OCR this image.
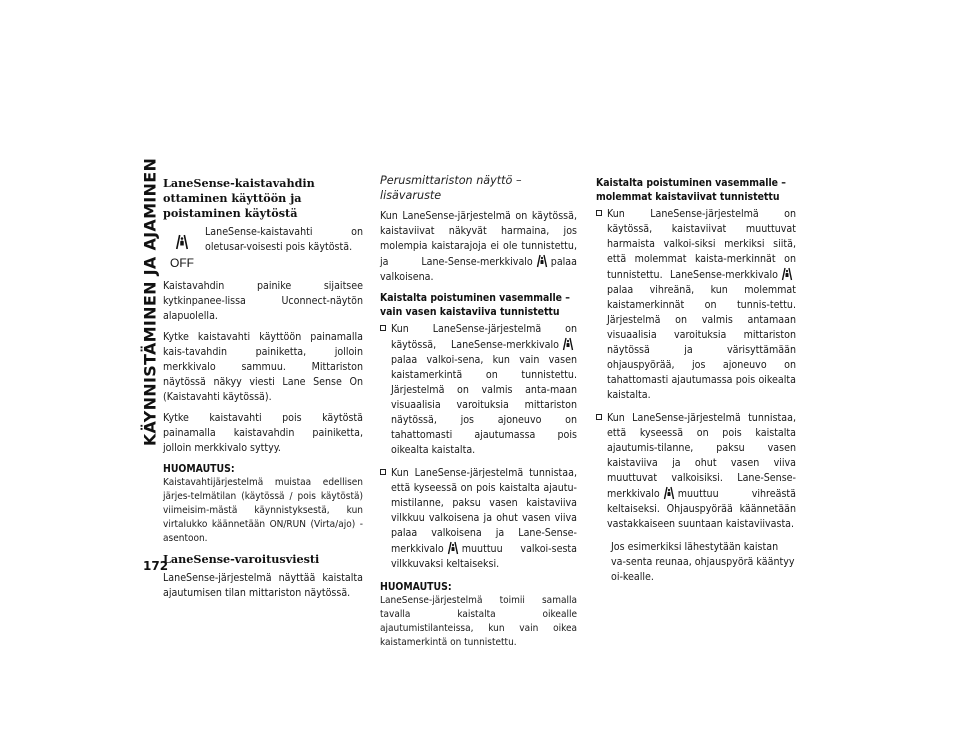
KÄYNNISTÄMINEN JA AJAMINEN
172
LaneSense-kaistavahdin ottaminen käyttöön ja poistaminen käytöstä
OFF

LaneSense-kaistavahti on oletusar-voisesti pois käytöstä.

Kaistavahdin painike sijaitsee kytkinpanee-lissa Uconnect-näytön alapuolella.

Kytke kaistavahti käyttöön painamalla kais-tavahdin painiketta, jolloin merkkivalo sammuu. Mittariston näytössä näkyy viesti Lane Sense On (Kaistavahti käytössä).

Kytke kaistavahti pois käytöstä painamalla kaistavahdin painiketta, jolloin merkkivalo syttyy.

HUOMAUTUS:

Kaistavahtijärjestelmä muistaa edellisen järjes-telmätilan (käytössä / pois käytöstä) viimeisim-mästä käynnistyksestä, kun virtalukko käännetään ON/RUN (Virta/ajo) -asentoon.

LaneSense-varoitusviesti

LaneSense-järjestelmä näyttää kaistalta ajautumisen tilan mittariston näytössä.

Perusmittariston näyttö – lisävaruste

Kun LaneSense-järjestelmä on käytössä, kaistaviivat näkyvät harmaina, jos molempia kaistarajoja ei ole tunnistettu, ja Lane-Sense-merkkivalo palaa valkoisena.

Kaistalta poistuminen vasemmalle – vain vasen kaistaviiva tunnistettu
Kun LaneSense-järjestelmä on käytössä, LaneSense-merkkivalopalaa valkoi-sena, kun vain vasen kaistamerkintä on tunnistettu. Järjestelmä on valmis anta-maan visuaalisia varoituksia mittariston näytössä, jos ajoneuvo on tahattomasti ajautumassa pois oikealta kaistalta.
Kun LaneSense-järjestelmä tunnistaa, että kyseessä on pois kaistalta ajautu-mistilanne, paksu vasen kaistaviiva vilkkuu valkoisena ja ohut vasen viiva palaa valkoisena ja Lane-Sense-merkkivalo muuttuu valkoi-sesta vilkkuvaksi keltaiseksi.
HUOMAUTUS:

LaneSense-järjestelmä toimii samalla tavalla kaistalta oikealle ajautumistilanteissa, kun vain oikea kaistamerkintä on tunnistettu.

Kaistalta poistuminen vasemmalle – molemmat kaistaviivat tunnistettu
Kun LaneSense-järjestelmä on käytössä, kaistaviivat muuttuvat harmaista valkoi-siksi merkiksi siitä, että molemmat kaista-merkinnät on tunnistettu. LaneSense-merkkivalopalaa vihreänä, kun molemmat kaistamerkinnät on tunnis-tettu. Järjestelmä on valmis antamaan visuaalisia varoituksia mittariston näytössä ja värisyttämään ohjauspyörää, jos ajoneuvo on tahattomasti ajautumassa pois oikealta kaistalta.
Kun LaneSense-järjestelmä tunnistaa, että kyseessä on pois kaistalta ajautumis-tilanne, paksu vasen kaistaviiva ja ohut vasen viiva muuttuvat valkoisiksi. Lane-Sense-merkkivalo muuttuu vihreästä keltaiseksi. Ohjauspyörää käännetään vastakkaiseen suuntaan kaistaviivasta.

Jos esimerkiksi lähestytään kaistan va-senta reunaa, ohjauspyörä kääntyy oi-kealle.
